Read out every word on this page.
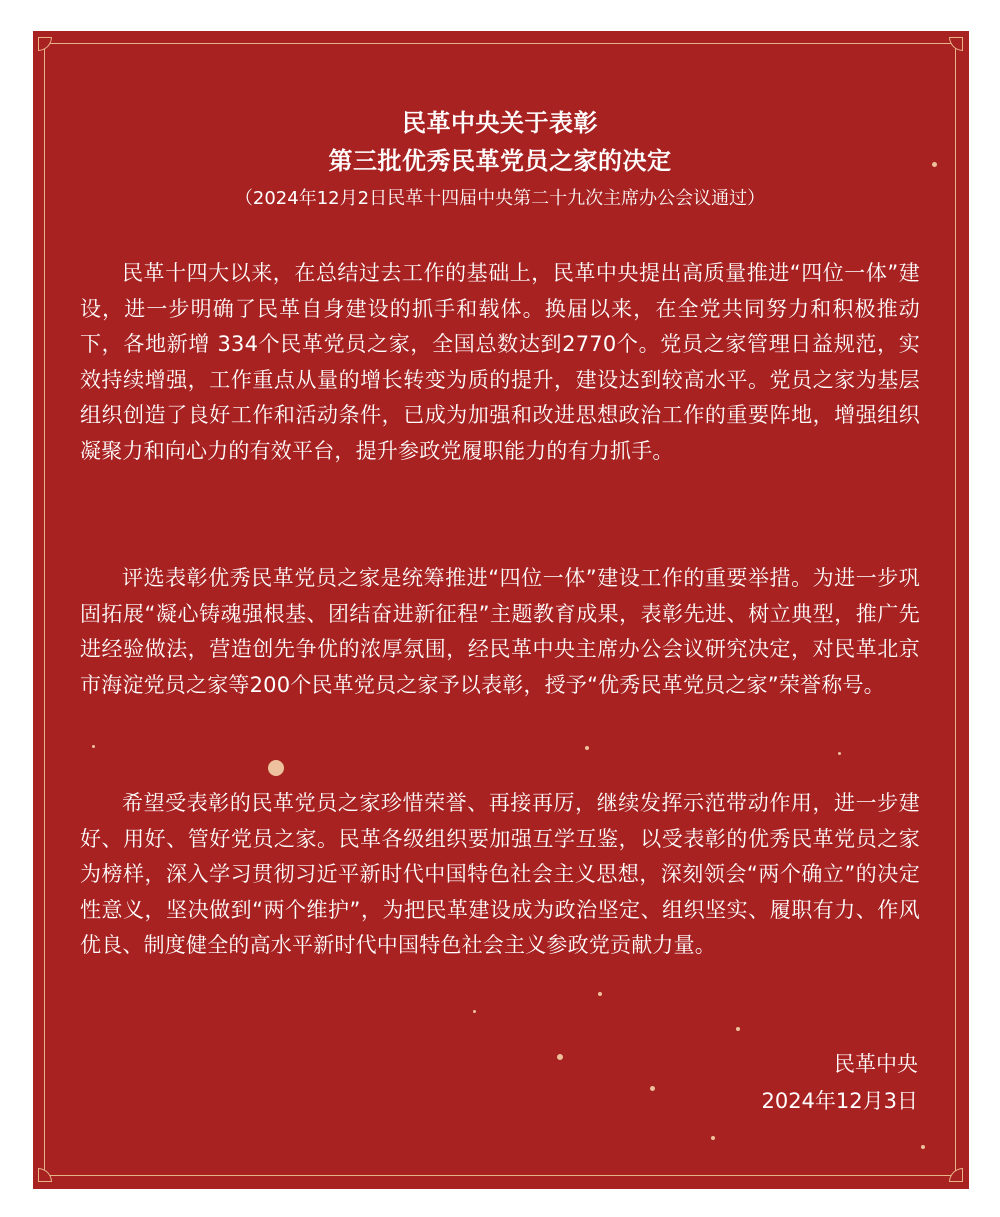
民革中央关于表彰
第三批优秀民革党员之家的决定
（2024年12月2日民革十四届中央第二十九次主席办公会议通过）

民革十四大以来，在总结过去工作的基础上，民革中央提出高质量推进“四位一体”建设，进一步明确了民革自身建设的抓手和载体。换届以来，在全党共同努力和积极推动下，各地新增 334个民革党员之家，全国总数达到2770个。党员之家管理日益规范，实效持续增强，工作重点从量的增长转变为质的提升，建设达到较高水平。党员之家为基层组织创造了良好工作和活动条件，已成为加强和改进思想政治工作的重要阵地，增强组织凝聚力和向心力的有效平台，提升参政党履职能力的有力抓手。

评选表彰优秀民革党员之家是统筹推进“四位一体”建设工作的重要举措。为进一步巩固拓展“凝心铸魂强根基、团结奋进新征程”主题教育成果，表彰先进、树立典型，推广先进经验做法，营造创先争优的浓厚氛围，经民革中央主席办公会议研究决定，对民革北京市海淀党员之家等200个民革党员之家予以表彰，授予“优秀民革党员之家”荣誉称号。

希望受表彰的民革党员之家珍惜荣誉、再接再厉，继续发挥示范带动作用，进一步建好、用好、管好党员之家。民革各级组织要加强互学互鉴，以受表彰的优秀民革党员之家为榜样，深入学习贯彻习近平新时代中国特色社会主义思想，深刻领会“两个确立”的决定性意义，坚决做到“两个维护”，为把民革建设成为政治坚定、组织坚实、履职有力、作风优良、制度健全的高水平新时代中国特色社会主义参政党贡献力量。

民革中央
2024年12月3日
